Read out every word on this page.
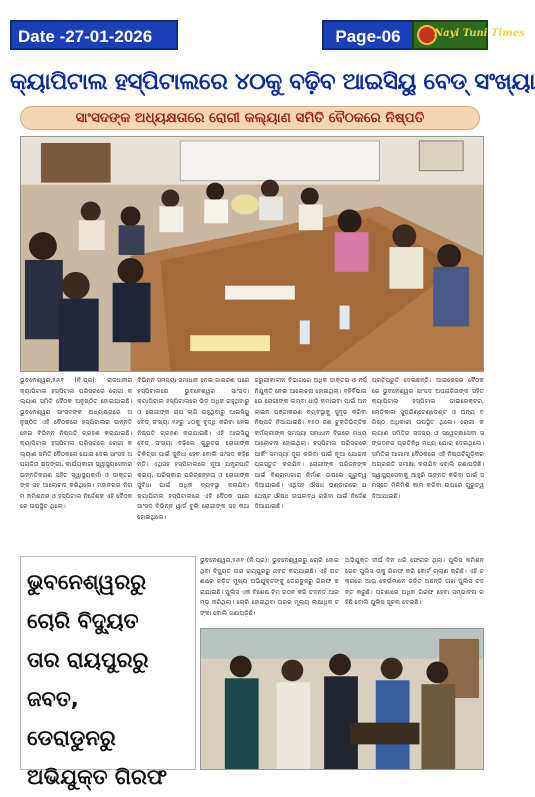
Date -27-01-2026	Page-06	Nayi Tuni Times
କ୍ୟାପିଟାଲ ହସ୍ପିଟାଲରେ ୪୦କୁ ବଢ଼ିବ ଆଇସିୟୁ ବେଡ୍ ସଂଖ୍ୟା
ସାଂସଦଙ୍କ ଅଧ୍ୟକ୍ଷତାରେ ରୋଗୀ କଲ୍ୟାଣ ସମିତି ବୈଠକରେ ନିଷ୍ପତି
ଭୁବନେଶ୍ୱର,୨୬ା୧ (ନି.ପ୍ର): ରାଜଧାନୀର କ୍ୟାପିଟାଲ ହସ୍ପିଟାଲ ପରିସରରେ ରୋଗୀ କଲ୍ୟାଣ ସମିତି ବୈଠକ ଅନୁଷ୍ଠିତ ହୋଇଯାଇଛି। ଭୁବନେଶ୍ୱର ସାଂସଦଙ୍କ ଅଧ୍ୟକ୍ଷତାରେ ଅନୁଷ୍ଠିତ ଏହି ବୈଠକରେ ହସ୍ପିଟାଲର ଉନ୍ନତି ନେଇ ବିଭିନ୍ନ ନିଷ୍ପତି ଗ୍ରହଣ କରାଯାଇଛି। କ୍ୟାପିଟାଲ ହସ୍ପିଟାଲ ପରିସରରେ ରୋଗୀ କଲ୍ୟାଣ ସମିତି ବୈଠକରେ ଯୋଗ ଦେଇ ସାଂସଦ ଅପରାଜିତା ଷଡ଼ଙ୍ଗୀ, କାର୍ଯ୍ୟକାରୀ ସ୍ୱାସ୍ଥ୍ୟସେବାର ଉନ୍ନତିକରଣ ସହିତ ସ୍ୱାସ୍ଥ୍ୟକର୍ମୀ ଓ ଡାକ୍ତରଙ୍କ ସହ ଆଲୋଚନା କରିଥିଲେ। ମହାନଗର ନିଗମ କମିଶନର ଓ ହସ୍ପିଟାଲ ନିର୍ଦ୍ଦେଶକ ଏହି ବୈଠକରେ ଉପସ୍ଥିତ ଥିଲେ।
ବିଭିନ୍ନ ସମସ୍ୟା ସମାଧାନ ନେଇ ଜାଗରଣ ପରେ ହସ୍ପିଟାଲରେ ଭୁବନେଶ୍ୱର ସାଂସଦ। କ୍ୟାପିଟାଲ ହସ୍ପିଟାଲରେ ଭିଡ଼ ଅଧିକ ରହୁଥିବାରୁ ଓ ରୋଗୀଙ୍କ ଚାପ ଲାଗି ରହୁଥିବାରୁ ଆଇସିୟୁ ବେଡ୍ ସଂଖ୍ୟା ୧୬ରୁ ୪୦କୁ ବୃଦ୍ଧି କରିବା ନେଇ ନିଷ୍ପତି ଗ୍ରହଣ କରାଯାଇଛି। ଏହି ଆଇସିୟୁ ବେଡ୍ ସଂଖ୍ୟା ବଢ଼ିଲେ ଗୁରୁତର ରୋଗୀଙ୍କ ଚିକିତ୍ସା ପାଇଁ ସୁବିଧା ହେବ ବୋଲି ସାଂସଦ କହିଛନ୍ତି। ଏଥିସହ ହସ୍ପିଟାଲରେ ନୂଆ ଯନ୍ତ୍ରପାତି କ୍ରୟ, ପରିଷ୍କାର ପରିଚ୍ଛନ୍ନତା ଓ ରୋଗୀଙ୍କ ସୁବିଧା ପାଇଁ ଅଧିକ ବ୍ୟବସ୍ଥା କରାଯିବ। କ୍ୟାପିଟାଲ ହସ୍ପିଟାଲରେ ଏହି ବୈଠକ ପରେ ସାଂସଦ ବିଭିନ୍ନ ୱାର୍ଡ ବୁଲି ରୋଗୀଙ୍କ ସହ କଥା ହୋଇଥିଲେ।
ଜରୁରୀକାଳୀନ ବିଭାଗରେ ଅଧିକ ଡାକ୍ତର ଓ ନର୍ସ ନିଯୁକ୍ତି ନେଇ ଆଲୋଚନା ହୋଇଥିଲା। ବହିର୍ବିଭାଗରେ ରୋଗୀଙ୍କ ଲମ୍ବା ଧାଡ଼ି କମାଇବା ପାଇଁ ଅନଲାଇନ ପଞ୍ଜୀକରଣ ବ୍ୟବସ୍ଥାକୁ ସୁଦୃଢ଼ କରିବା ନିଷ୍ପତି ନିଆଯାଇଛି। ୧୫୦ ଜଣ ଚୁକ୍ତିଭିତ୍ତିକ କର୍ମଚାରୀଙ୍କ ସମସ୍ୟା ସମାଧାନ ଦିଗରେ ମଧ୍ୟ ଆଲୋଚନା ହୋଇଥିଲା। ହସ୍ପିଟାଲ ପରିସରରେ ପାର୍କିଂ ସମସ୍ୟା ଦୂର କରିବା ପାଇଁ ନୂଆ ଯୋଜନା ପ୍ରସ୍ତୁତ କରାଯିବ। ରୋଗୀଙ୍କ ପରିଜନଙ୍କ ପାଇଁ ବିଶ୍ରାମାଗାର ନିର୍ମାଣ ଉପରେ ଗୁରୁତ୍ୱ ଦିଆଯାଇଛି। ଏଥିସହ ଔଷଧ ଭଣ୍ଡାରରେ ଯଥେଷ୍ଟ ଔଷଧ ଉପଲବ୍ଧ ରଖିବା ପାଇଁ ନିର୍ଦ୍ଦେଶ ଦିଆଯାଇଛି।
ପ୍ରତିପ୍ରୁତି ଦେଇଛନ୍ତି। ଆଇକେସର ବୈଠକରେ ଭୁବନେଶ୍ୱର ସାଂସଦ ଅପରାଜିତାଙ୍କ ସହିତ କ୍ୟାପିଟାଲ ହସ୍ପିଟାଲ ଡାଇରେକ୍ଟର, ମେଡ଼ିକାଲ ସୁପରିଣ୍ଟେଣ୍ଡେଣ୍ଟ ଓ ଅନ୍ୟ ବରିଷ୍ଠ ଅଧିକାରୀ ଉପସ୍ଥିତ ଥିଲେ। ରୋଗୀ କଲ୍ୟାଣ ସମିତିର ସଦସ୍ୟ ଓ ସ୍ୱେଚ୍ଛାସେବୀ ସଙ୍ଗଠନର ପ୍ରତିନିଧି ମଧ୍ୟ ଯୋଗ ଦେଇଥିଲେ। ସମିତିର ଆଗାମୀ ବୈଠକରେ ଏହି ନିଷ୍ପତିଗୁଡ଼ିକର ଅଗ୍ରଗତି ସମୀକ୍ଷା କରାଯିବ ବୋଲି ଜଣାପଡ଼ିଛି। ସ୍ୱାସ୍ଥ୍ୟସେବାକୁ ଆହୁରି ଉନ୍ନତ କରିବା ପାଇଁ ସମସ୍ତେ ମିଳିମିଶି କାମ କରିବା ଉପରେ ଗୁରୁତ୍ୱ ଦିଆଯାଇଛି।
ଭୁବନେଶ୍ୱରରୁ
ଚୋରି ବିଦ୍ୟୁତ
ତାର ରାୟପୁରରୁ
ଜବତ,
ଡେରାଡୁନରୁ
ଅଭିଯୁକ୍ତ ଗିରଫ
ଭୁବନେଶ୍ୱର,୨୬ା୧ (ନି.ପ୍ର): ଭୁବନେଶ୍ୱରରୁ ଚୋରି ହୋଇଥିବା ବିଦ୍ୟୁତ ତାର ରାୟପୁରରୁ ଜବତ କରାଯାଇଛି। ଏହି ଘଟଣାରେ ଜଡ଼ିତ ମୁଖ୍ୟ ଅଭିଯୁକ୍ତଙ୍କୁ ଡେରାଡୁନରୁ ଗିରଫ କରାଯାଇଛି। ପୁଲିସ ଏକ ବିଶେଷ ଟିମ ଗଠନ କରି ତଦନ୍ତ ଆରମ୍ଭ କରିଥିଲା। ଚୋରି ହୋଇଥିବା ତାରର ମୂଲ୍ୟ ଲକ୍ଷାଧିକ ଟଙ୍କା ବୋଲି ଜଣାପଡ଼ିଛି।
ଅଭିଯୁକ୍ତ ଦୀର୍ଘ ଦିନ ଧରି ଫେରାର ଥିଲା। ପୁଲିସ କମିଶନରେଟ ପୁଲିସ ତାକୁ ଗିରଫ କରି କୋର୍ଟ ଚାଲାଣ କରିଛି। ଏହି ଚକ୍ରରେ ଆଉ କେଉଁମାନେ ଜଡ଼ିତ ଅଛନ୍ତି ତାହା ପୁଲିସ ତଦନ୍ତ କରୁଛି। ଘଟଣାରେ ଅଧିକ ଗିରଫ ହେବା ସମ୍ଭାବନା ରହିଛି ବୋଲି ପୁଲିସ ସୂଚନା ଦେଇଛି।
